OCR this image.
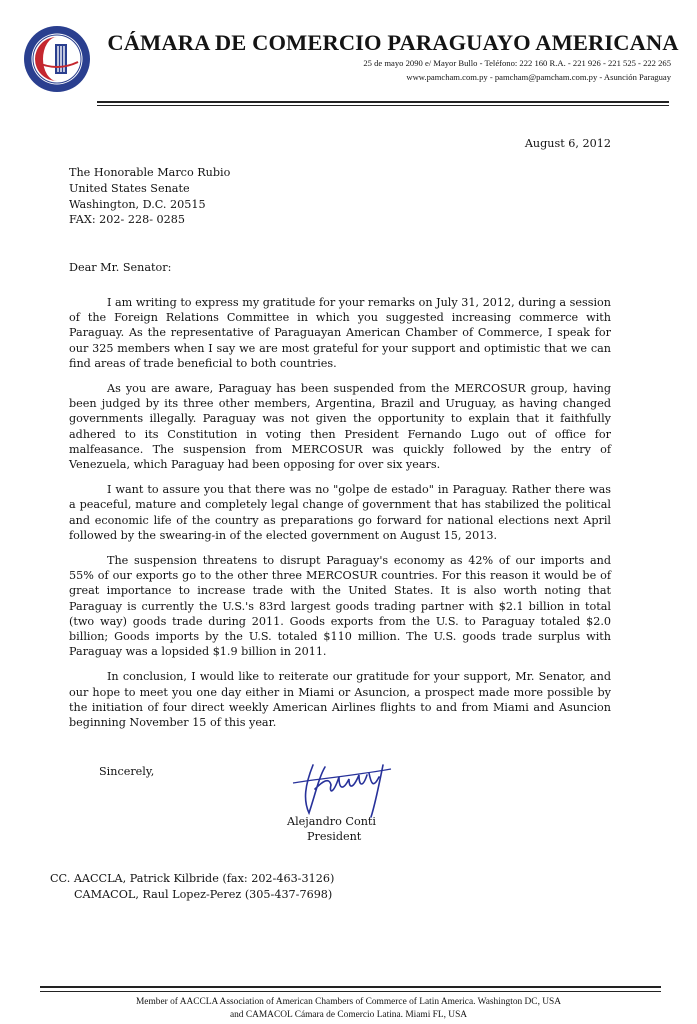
CÁMARA DE COMERCIO PARAGUAYO AMERICANA
25 de mayo 2090 e/ Mayor Bullo - Teléfono: 222 160 R.A. - 221 926 - 221 525 - 222 265
www.pamcham.com.py - pamcham@pamcham.com.py - Asunción Paraguay
August 6, 2012
The Honorable Marco Rubio
United States Senate
Washington, D.C. 20515
FAX: 202- 228- 0285
Dear Mr. Senator:

I am writing to express my gratitude for your remarks on July 31, 2012, during a session of the Foreign Relations Committee in which you suggested increasing commerce with Paraguay. As the representative of Paraguayan American Chamber of Commerce, I speak for our 325 members when I say we are most grateful for your support and optimistic that we can find areas of trade beneficial to both countries.

As you are aware, Paraguay has been suspended from the MERCOSUR group, having been judged by its three other members, Argentina, Brazil and Uruguay, as having changed governments illegally. Paraguay was not given the opportunity to explain that it faithfully adhered to its Constitution in voting then President Fernando Lugo out of office for malfeasance. The suspension from MERCOSUR was quickly followed by the entry of Venezuela, which Paraguay had been opposing for over six years.

I want to assure you that there was no "golpe de estado" in Paraguay. Rather there was a peaceful, mature and completely legal change of government that has stabilized the political and economic life of the country as preparations go forward for national elections next April followed by the swearing-in of the elected government on August 15, 2013.

The suspension threatens to disrupt Paraguay's economy as 42% of our imports and 55% of our exports go to the other three MERCOSUR countries. For this reason it would be of great importance to increase trade with the United States. It is also worth noting that Paraguay is currently the U.S.'s 83rd largest goods trading partner with $2.1 billion in total (two way) goods trade during 2011. Goods exports from the U.S. to Paraguay totaled $2.0 billion; Goods imports by the U.S. totaled $110 million. The U.S. goods trade surplus with Paraguay was a lopsided $1.9 billion in 2011.

In conclusion, I would like to reiterate our gratitude for your support, Mr. Senator, and our hope to meet you one day either in Miami or Asuncion, a prospect made more possible by the initiation of four direct weekly American Airlines flights to and from Miami and Asuncion beginning November 15 of this year.

Sincerely,
Alejandro Conti
President
CC. AACCLA, Patrick Kilbride (fax: 202-463-3126)
CAMACOL, Raul Lopez-Perez (305-437-7698)
Member of AACCLA Association of American Chambers of Commerce of Latin America. Washington DC, USA
and CAMACOL Cámara de Comercio Latina. Miami FL, USA
